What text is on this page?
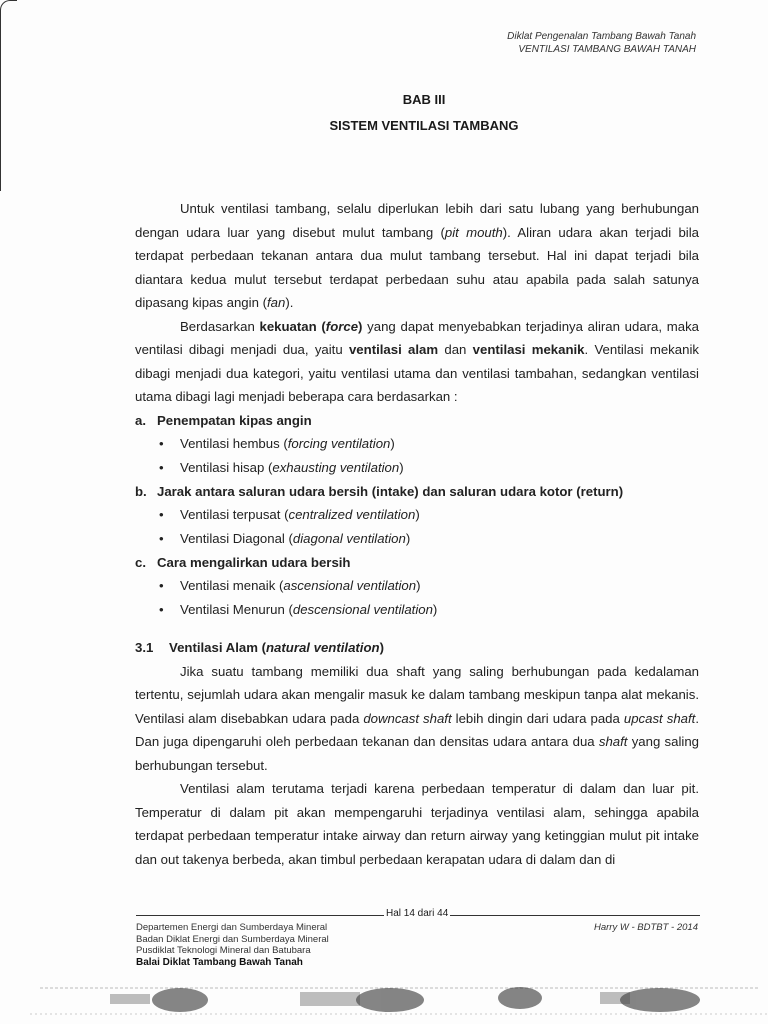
Diklat Pengenalan Tambang Bawah Tanah
VENTILASI TAMBANG BAWAH TANAH
BAB III
SISTEM VENTILASI TAMBANG

Untuk ventilasi tambang, selalu diperlukan lebih dari satu lubang yang berhubungan dengan udara luar yang disebut mulut tambang (pit mouth). Aliran udara akan terjadi bila terdapat perbedaan tekanan antara dua mulut tambang tersebut. Hal ini dapat terjadi bila diantara kedua mulut tersebut terdapat perbedaan suhu atau apabila pada salah satunya dipasang kipas angin (fan).

Berdasarkan kekuatan (force) yang dapat menyebabkan terjadinya aliran udara, maka ventilasi dibagi menjadi dua, yaitu ventilasi alam dan ventilasi mekanik. Ventilasi mekanik dibagi menjadi dua kategori, yaitu ventilasi utama dan ventilasi tambahan, sedangkan ventilasi utama dibagi lagi menjadi beberapa cara berdasarkan :

a. Penempatan kipas angin

• Ventilasi hembus (forcing ventilation)
• Ventilasi hisap (exhausting ventilation)

b. Jarak antara saluran udara bersih (intake) dan saluran udara kotor (return)

• Ventilasi terpusat (centralized ventilation)
• Ventilasi Diagonal (diagonal ventilation)

c. Cara mengalirkan udara bersih

• Ventilasi menaik (ascensional ventilation)
• Ventilasi Menurun (descensional ventilation)

3.1 Ventilasi Alam (natural ventilation)

Jika suatu tambang memiliki dua shaft yang saling berhubungan pada kedalaman tertentu, sejumlah udara akan mengalir masuk ke dalam tambang meskipun tanpa alat mekanis. Ventilasi alam disebabkan udara pada downcast shaft lebih dingin dari udara pada upcast shaft. Dan juga dipengaruhi oleh perbedaan tekanan dan densitas udara antara dua shaft yang saling berhubungan tersebut.

Ventilasi alam terutama terjadi karena perbedaan temperatur di dalam dan luar pit. Temperatur di dalam pit akan mempengaruhi terjadinya ventilasi alam, sehingga apabila terdapat perbedaan temperatur intake airway dan return airway yang ketinggian mulut pit intake dan out takenya berbeda, akan timbul perbedaan kerapatan udara di dalam dan di

Hal 14 dari 44
Departemen Energi dan Sumberdaya Mineral
Badan Diklat Energi dan Sumberdaya Mineral
Pusdiklat Teknologi Mineral dan Batubara
Balai Diklat Tambang Bawah Tanah
Harry W - BDTBT - 2014
